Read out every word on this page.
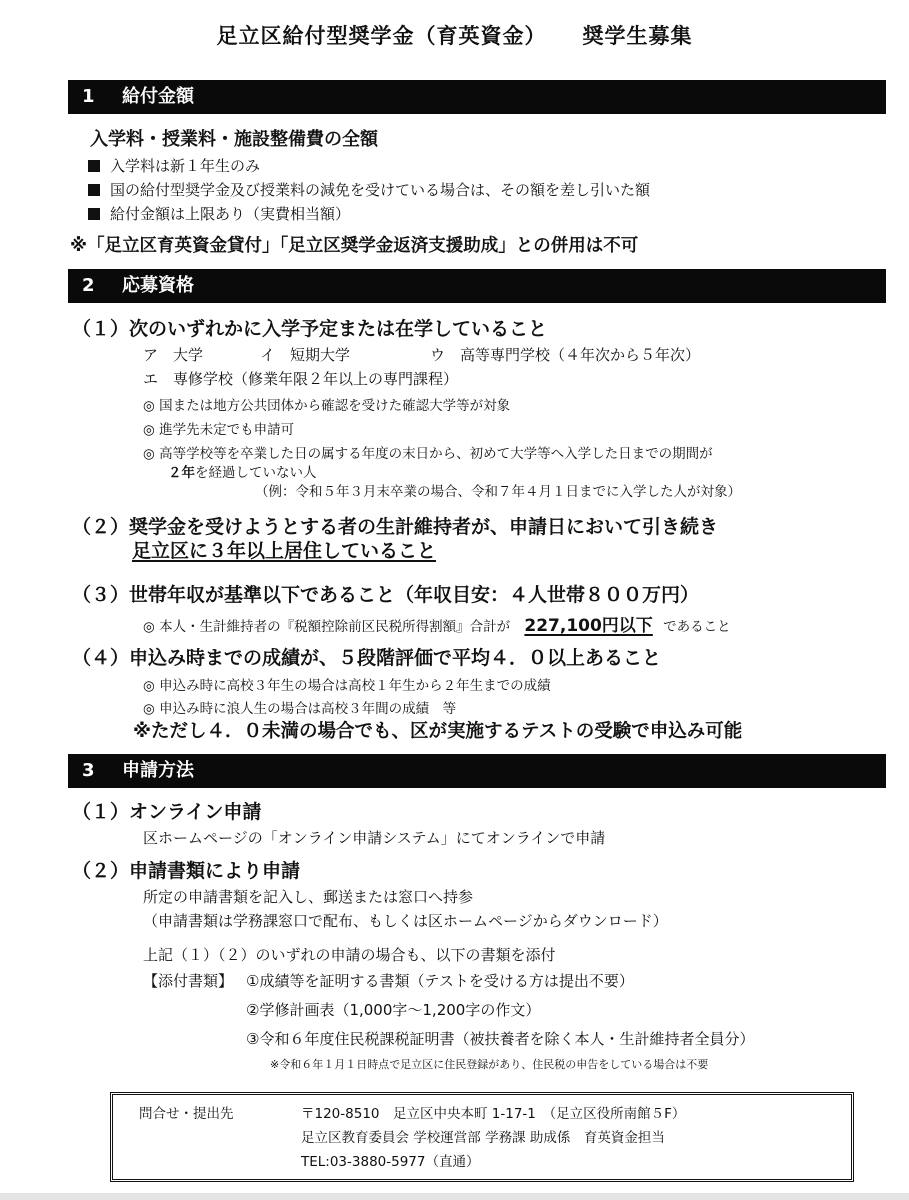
足立区給付型奨学金（育英資金） 奨学生募集
1 給付金額
入学料・授業料・施設整備費の全額
入学料は新１年生のみ
国の給付型奨学金及び授業料の減免を受けている場合は、その額を差し引いた額
給付金額は上限あり（実費相当額）
※「足立区育英資金貸付」「足立区奨学金返済支援助成」との併用は不可
2 応募資格
（１）次のいずれかに入学予定または在学していること
ア　大学	イ　短期大学	ウ　高等専門学校（４年次から５年次）
エ　専修学校（修業年限２年以上の専門課程）
◎ 国または地方公共団体から確認を受けた確認大学等が対象
◎ 進学先未定でも申請可
◎ 高等学校等を卒業した日の属する年度の末日から、初めて大学等へ入学した日までの期間が
２年を経過していない人
（例：令和５年３月末卒業の場合、令和７年４月１日までに入学した人が対象）
（２）奨学金を受けようとする者の生計維持者が、申請日において引き続き
足立区に３年以上居住していること
（３）世帯年収が基準以下であること（年収目安：４人世帯８００万円）
◎ 本人・生計維持者の『税額控除前区民税所得割額』合計が 227,100円以下 であること
（４）申込み時までの成績が、５段階評価で平均４．０以上あること
◎ 申込み時に高校３年生の場合は高校１年生から２年生までの成績
◎ 申込み時に浪人生の場合は高校３年間の成績　等
※ただし４．０未満の場合でも、区が実施するテストの受験で申込み可能
3 申請方法
（１）オンライン申請
区ホームページの「オンライン申請システム」にてオンラインで申請
（２）申請書類により申請
所定の申請書類を記入し、郵送または窓口へ持参
（申請書類は学務課窓口で配布、もしくは区ホームページからダウンロード）
上記（１）（２）のいずれの申請の場合も、以下の書類を添付
【添付書類】 ①成績等を証明する書類（テストを受ける方は提出不要）
②学修計画表（1,000字～1,200字の作文）
③令和６年度住民税課税証明書（被扶養者を除く本人・生計維持者全員分）
※令和６年１月１日時点で足立区に住民登録があり、住民税の申告をしている場合は不要
問合せ・提出先	〒120-8510　足立区中央本町 1-17-1　（足立区役所南館５F）
足立区教育委員会 学校運営部 学務課 助成係　育英資金担当
TEL:03-3880-5977（直通）
